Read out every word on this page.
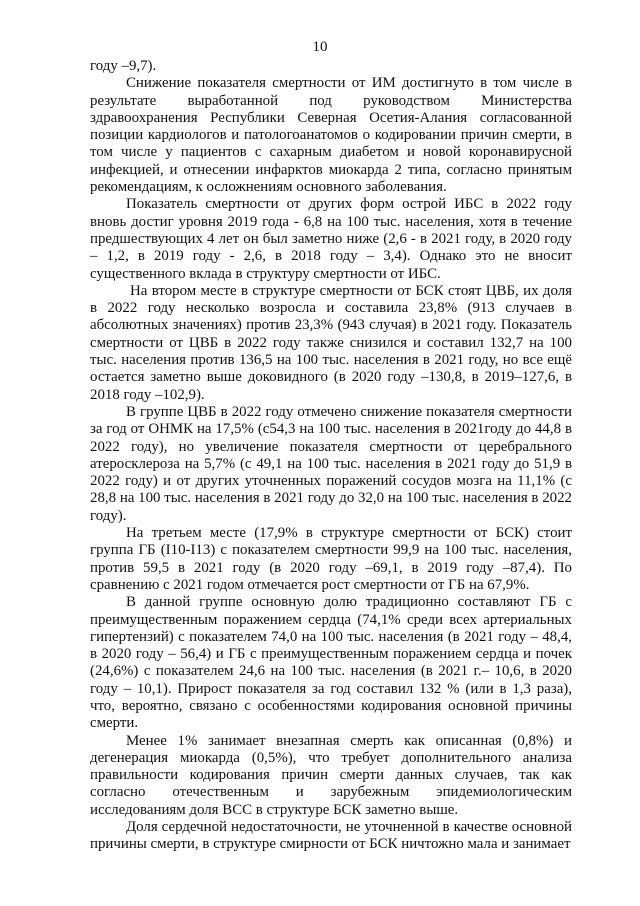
10

году –9,7).

Снижение показателя смертности от ИМ достигнуто в том числе в результате выработанной под руководством Министерства здравоохранения Республики Северная Осетия-Алания согласованной позиции кардиологов и патологоанатомов о кодировании причин смерти, в том числе у пациентов с сахарным диабетом и новой коронавирусной инфекцией, и отнесении инфарктов миокарда 2 типа, согласно принятым рекомендациям, к осложнениям основного заболевания.

Показатель смертности от других форм острой ИБС в 2022 году вновь достиг уровня 2019 года - 6,8 на 100 тыс. населения, хотя в течение предшествующих 4 лет он был заметно ниже (2,6 - в 2021 году, в 2020 году – 1,2, в 2019 году - 2,6, в 2018 году – 3,4). Однако это не вносит существенного вклада в структуру смертности от ИБС.

На втором месте в структуре смертности от БСК стоят ЦВБ, их доля в 2022 году несколько возросла и составила 23,8% (913 случаев в абсолютных значениях) против 23,3% (943 случая) в 2021 году. Показатель смертности от ЦВБ в 2022 году также снизился и составил 132,7 на 100 тыс. населения против 136,5 на 100 тыс. населения в 2021 году, но все ещё остается заметно выше доковидного (в 2020 году –130,8, в 2019–127,6, в 2018 году –102,9).

В группе ЦВБ в 2022 году отмечено снижение показателя смертности за год от ОНМК на 17,5% (с54,3 на 100 тыс. населения в 2021году до 44,8 в 2022 году), но увеличение показателя смертности от церебрального атеросклероза на 5,7% (с 49,1 на 100 тыс. населения в 2021 году до 51,9 в 2022 году) и от других уточненных поражений сосудов мозга на 11,1% (с 28,8 на 100 тыс. населения в 2021 году до 32,0 на 100 тыс. населения в 2022 году).

На третьем месте (17,9% в структуре смертности от БСК) стоит группа ГБ (I10-I13) с показателем смертности 99,9 на 100 тыс. населения, против 59,5 в 2021 году (в 2020 году –69,1, в 2019 году –87,4). По сравнению с 2021 годом отмечается рост смертности от ГБ на 67,9%.

В данной группе основную долю традиционно составляют ГБ с преимущественным поражением сердца (74,1% среди всех артериальных гипертензий) с показателем 74,0 на 100 тыс. населения (в 2021 году – 48,4, в 2020 году – 56,4) и ГБ с преимущественным поражением сердца и почек (24,6%) с показателем 24,6 на 100 тыс. населения (в 2021 г.– 10,6, в 2020 году – 10,1). Прирост показателя за год составил 132 % (или в 1,3 раза), что, вероятно, связано с особенностями кодирования основной причины смерти.

Менее 1% занимает внезапная смерть как описанная (0,8%) и дегенерация миокарда (0,5%), что требует дополнительного анализа правильности кодирования причин смерти данных случаев, так как согласно отечественным и зарубежным эпидемиологическим исследованиям доля ВСС в структуре БСК заметно выше.

Доля сердечной недостаточности, не уточненной в качестве основной причины смерти, в структуре смирности от БСК ничтожно мала и занимает
